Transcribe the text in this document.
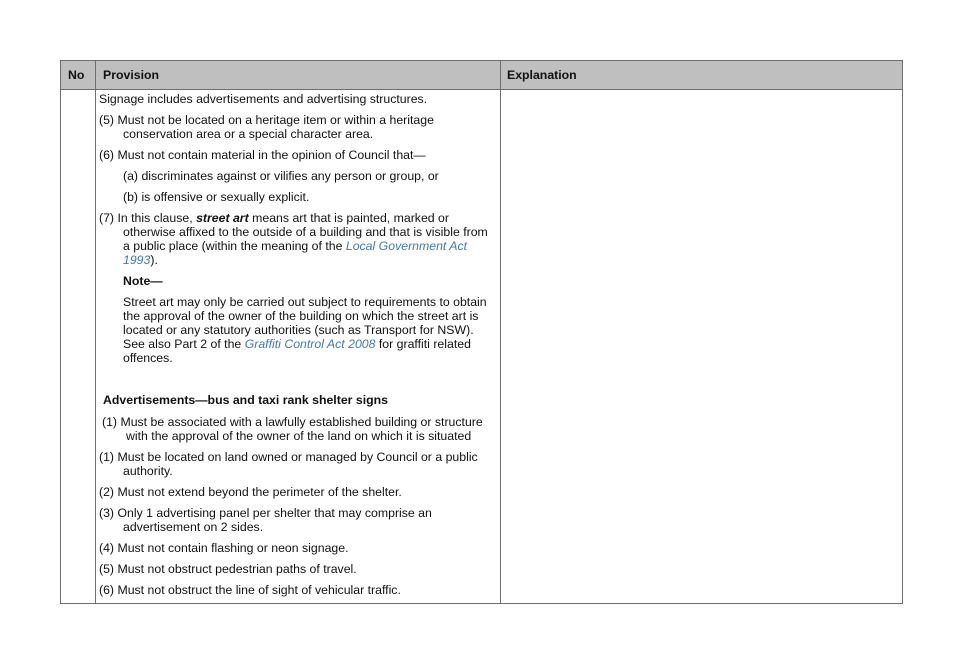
No Provision	Explanation
Signage includes advertisements and advertising structures.
(5) Must not be located on a heritage item or within a heritage
conservation area or a special character area.
(6) Must not contain material in the opinion of Council that—
(a) discriminates against or vilifies any person or group, or
(b) is offensive or sexually explicit.
(7) In this clause, street art means art that is painted, marked or
otherwise affixed to the outside of a building and that is visible from
a public place (within the meaning of the Local Government Act
1993).
Note—
Street art may only be carried out subject to requirements to obtain
the approval of the owner of the building on which the street art is
located or any statutory authorities (such as Transport for NSW).
See also Part 2 of the Graffiti Control Act 2008 for graffiti related
offences.
Advertisements—bus and taxi rank shelter signs
(1) Must be associated with a lawfully established building or structure
with the approval of the owner of the land on which it is situated
(1) Must be located on land owned or managed by Council or a public
authority.
(2) Must not extend beyond the perimeter of the shelter.
(3) Only 1 advertising panel per shelter that may comprise an
advertisement on 2 sides.
(4) Must not contain flashing or neon signage.
(5) Must not obstruct pedestrian paths of travel.
(6) Must not obstruct the line of sight of vehicular traffic.
